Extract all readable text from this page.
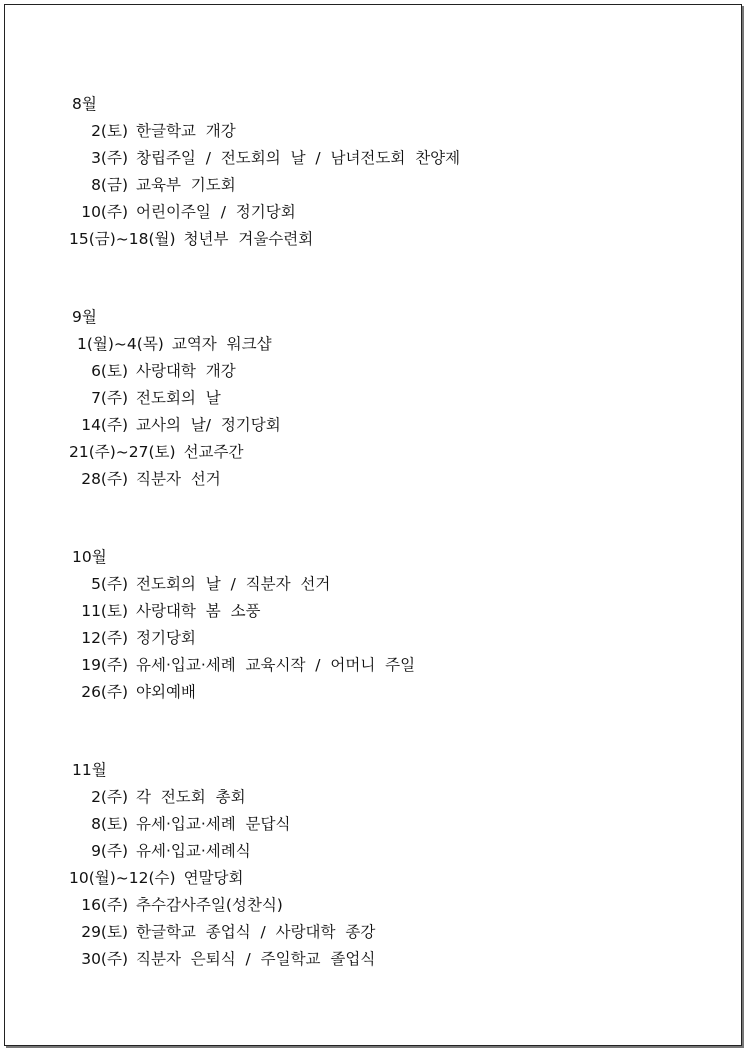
8월
2(토) 한글학교  개강
3(주) 창립주일  /  전도회의  날  /  남녀전도회  찬양제
8(금) 교육부  기도회
10(주) 어린이주일  /  정기당회
15(금)~18(월) 청년부  겨울수련회
9월
1(월)~4(목) 교역자  워크샵
6(토) 사랑대학  개강
7(주) 전도회의  날
14(주) 교사의  날/  정기당회
21(주)~27(토) 선교주간
28(주) 직분자  선거
10월
5(주) 전도회의  날  /  직분자  선거
11(토) 사랑대학  봄  소풍
12(주) 정기당회
19(주) 유세·입교·세례  교육시작  /  어머니  주일
26(주) 야외예배
11월
2(주) 각  전도회  총회
8(토) 유세·입교·세례  문답식
9(주) 유세·입교·세례식
10(월)~12(수) 연말당회
16(주) 추수감사주일(성찬식)
29(토) 한글학교  종업식  /  사랑대학  종강
30(주) 직분자  은퇴식  /  주일학교  졸업식
